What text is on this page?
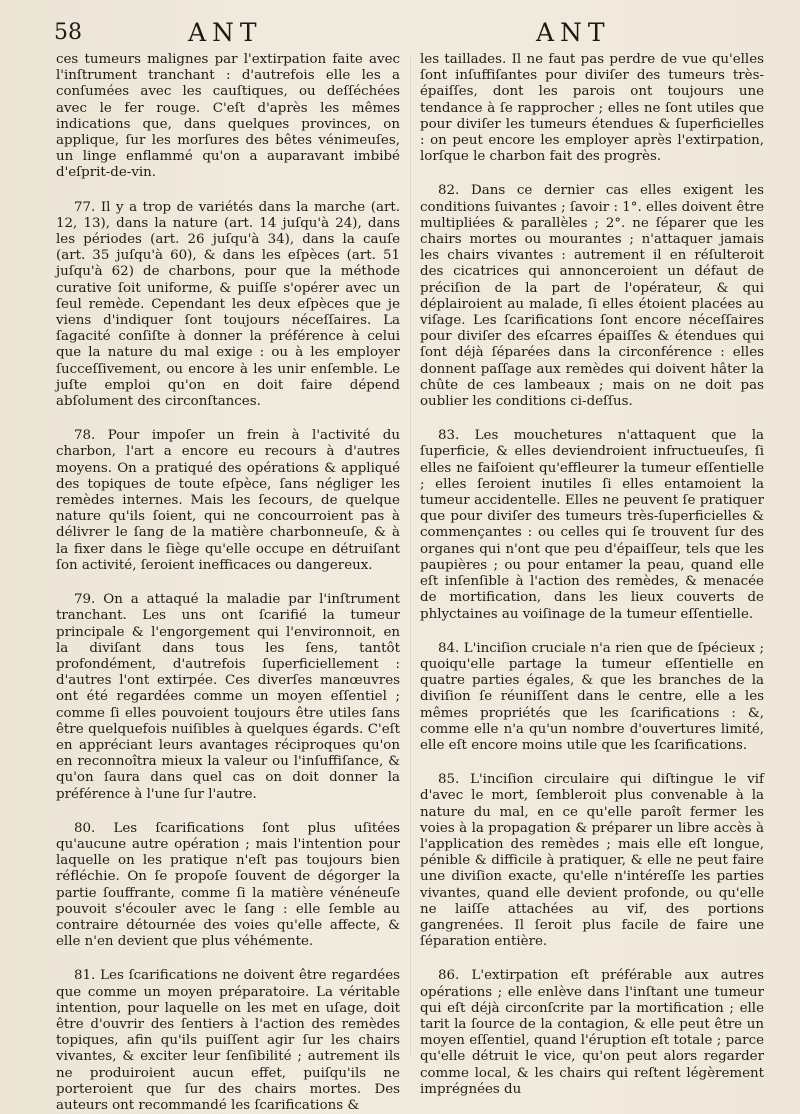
58	ANT	ANT

ces tumeurs malignes par l'extirpation faite avec l'inſtrument tranchant : d'autrefois elle les a conſumées avec les cauſtiques, ou deſſéchées avec le fer rouge. C'eſt d'après les mêmes indications que, dans quelques provinces, on applique, ſur les morſures des bêtes vénimeuſes, un linge enflammé qu'on a auparavant imbibé d'eſprit-de-vin.

77. Il y a trop de variétés dans la marche (art. 12, 13), dans la nature (art. 14 juſqu'à 24), dans les périodes (art. 26 juſqu'à 34), dans la cauſe (art. 35 juſqu'à 60), & dans les eſpèces (art. 51 juſqu'à 62) de charbons, pour que la méthode curative ſoit uniforme, & puiſſe s'opérer avec un ſeul remède. Cependant les deux eſpèces que je viens d'indiquer ſont toujours néceſſaires. La ſagacité conſiſte à donner la préférence à celui que la nature du mal exige : ou à les employer ſucceſſivement, ou encore à les unir enſemble. Le juſte emploi qu'on en doit faire dépend abſolument des circonſtances.

78. Pour impoſer un frein à l'activité du charbon, l'art a encore eu recours à d'autres moyens. On a pratiqué des opérations & appliqué des topiques de toute eſpèce, ſans négliger les remèdes internes. Mais les ſecours, de quelque nature qu'ils ſoient, qui ne concourroient pas à délivrer le ſang de la matière charbonneuſe, & à la fixer dans le ſiège qu'elle occupe en détruiſant ſon activité, ſeroient inefficaces ou dangereux.

79. On a attaqué la maladie par l'inſtrument tranchant. Les uns ont ſcarifié la tumeur principale & l'engorgement qui l'environnoit, en la diviſant dans tous les ſens, tantôt profondément, d'autrefois ſuperficiellement : d'autres l'ont extirpée. Ces diverſes manœuvres ont été regardées comme un moyen eſſentiel ; comme ſi elles pouvoient toujours être utiles ſans être quelquefois nuiſibles à quelques égards. C'eſt en appréciant leurs avantages réciproques qu'on en reconnoîtra mieux la valeur ou l'inſuffiſance, & qu'on ſaura dans quel cas on doit donner la préférence à l'une ſur l'autre.

80. Les ſcarifications ſont plus uſitées qu'aucune autre opération ; mais l'intention pour laquelle on les pratique n'eſt pas toujours bien réfléchie. On ſe propoſe ſouvent de dégorger la partie ſouffrante, comme ſi la matière vénéneuſe pouvoit s'écouler avec le ſang : elle ſemble au contraire détournée des voies qu'elle affecte, & elle n'en devient que plus véhémente.

81. Les ſcarifications ne doivent être regardées que comme un moyen préparatoire. La véritable intention, pour laquelle on les met en uſage, doit être d'ouvrir des ſentiers à l'action des remèdes topiques, afin qu'ils puiſſent agir ſur les chairs vivantes, & exciter leur ſenſibilité ; autrement ils ne produiroient aucun effet, puiſqu'ils ne porteroient que ſur des chairs mortes. Des auteurs ont recommandé les ſcarifications &

les taillades. Il ne faut pas perdre de vue qu'elles ſont inſuffiſantes pour diviſer des tumeurs très-épaiſſes, dont les parois ont toujours une tendance à ſe rapprocher ; elles ne ſont utiles que pour diviſer les tumeurs étendues & ſuperficielles : on peut encore les employer après l'extirpation, lorſque le charbon fait des progrès.

82. Dans ce dernier cas elles exigent les conditions ſuivantes ; ſavoir : 1°. elles doivent être multipliées & parallèles ; 2°. ne ſéparer que les chairs mortes ou mourantes ; n'attaquer jamais les chairs vivantes : autrement il en réſulteroit des cicatrices qui annonceroient un défaut de préciſion de la part de l'opérateur, & qui déplairoient au malade, ſi elles étoient placées au viſage. Les ſcarifications ſont encore néceſſaires pour diviſer des eſcarres épaiſſes & étendues qui ſont déjà ſéparées dans la circonférence : elles donnent paſſage aux remèdes qui doivent hâter la chûte de ces lambeaux ; mais on ne doit pas oublier les conditions ci-deſſus.

83. Les mouchetures n'attaquent que la ſuperficie, & elles deviendroient infructueuſes, ſi elles ne faiſoient qu'effleurer la tumeur eſſentielle ; elles ſeroient inutiles ſi elles entamoient la tumeur accidentelle. Elles ne peuvent ſe pratiquer que pour diviſer des tumeurs très-ſuperficielles & commençantes : ou celles qui ſe trouvent ſur des organes qui n'ont que peu d'épaiſſeur, tels que les paupières ; ou pour entamer la peau, quand elle eſt inſenſible à l'action des remèdes, & menacée de mortification, dans les lieux couverts de phlyctaines au voiſinage de la tumeur eſſentielle.

84. L'inciſion cruciale n'a rien que de ſpécieux ; quoiqu'elle partage la tumeur eſſentielle en quatre parties égales, & que les branches de la diviſion ſe réuniſſent dans le centre, elle a les mêmes propriétés que les ſcarifications : &, comme elle n'a qu'un nombre d'ouvertures limité, elle eſt encore moins utile que les ſcarifications.

85. L'inciſion circulaire qui diſtingue le vif d'avec le mort, ſembleroit plus convenable à la nature du mal, en ce qu'elle paroît fermer les voies à la propagation & préparer un libre accès à l'application des remèdes ; mais elle eſt longue, pénible & difficile à pratiquer, & elle ne peut faire une diviſion exacte, qu'elle n'intéreſſe les parties vivantes, quand elle devient profonde, ou qu'elle ne laiſſe attachées au vif, des portions gangrenées. Il ſeroit plus facile de faire une ſéparation entière.

86. L'extirpation eſt préférable aux autres opérations ; elle enlève dans l'inſtant une tumeur qui eſt déjà circonſcrite par la mortification ; elle tarit la ſource de la contagion, & elle peut être un moyen eſſentiel, quand l'éruption eſt totale ; parce qu'elle détruit le vice, qu'on peut alors regarder comme local, & les chairs qui reſtent légèrement imprégnées du
